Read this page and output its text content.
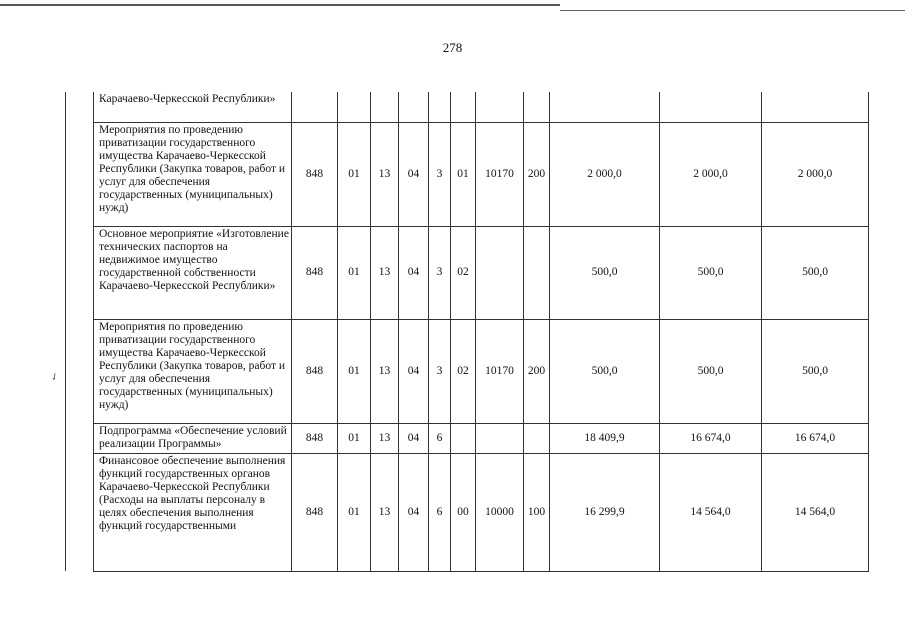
278
✓
	Карачаево-Черкесской Республики»											
	Мероприятия по проведению приватизации государственного имущества Карачаево-Черкесской Республики (Закупка товаров, работ и услуг для обеспечения государственных (муниципальных) нужд)	848	01	13	04	3	01	10170	200	2 000,0	2 000,0	2 000,0
	Основное мероприятие «Изготовление технических паспортов на недвижимое имущество государственной собственности Карачаево-Черкесской Республики»	848	01	13	04	3	02			500,0	500,0	500,0
	Мероприятия по проведению приватизации государственного имущества Карачаево-Черкесской Республики (Закупка товаров, работ и услуг для обеспечения государственных (муниципальных) нужд)	848	01	13	04	3	02	10170	200	500,0	500,0	500,0
	Подпрограмма «Обеспечение условий реализации Программы»	848	01	13	04	6				18 409,9	16 674,0	16 674,0
	Финансовое обеспечение выполнения функций государственных органов Карачаево-Черкесской Республики (Расходы на выплаты персоналу в целях обеспечения выполнения функций государственными	848	01	13	04	6	00	10000	100	16 299,9	14 564,0	14 564,0
